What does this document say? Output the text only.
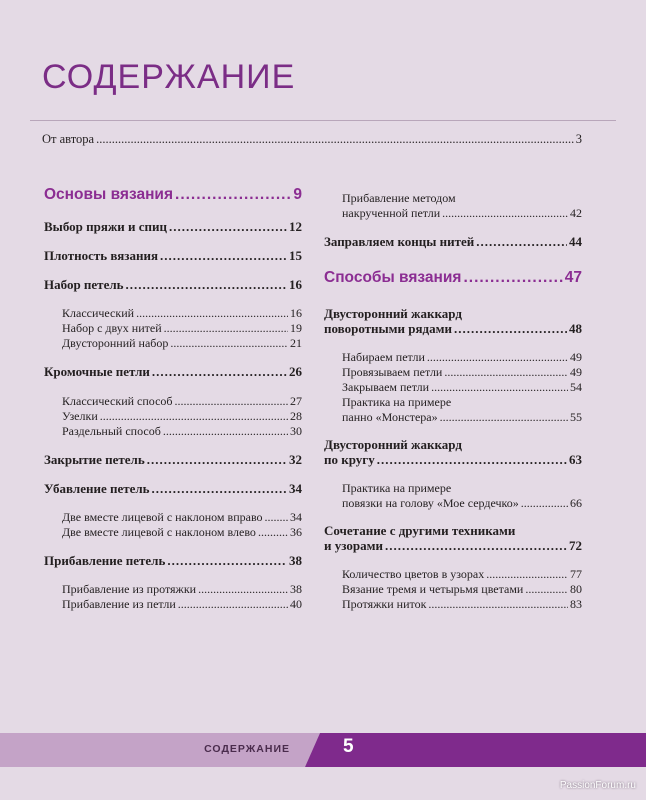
СОДЕРЖАНИЕ
От автора .....	3
Основы вязания .....	9
Выбор пряжи и спиц .....	12
Плотность вязания .....	15
Набор петель .....	16
Классический .....	16
Набор с двух нитей .....	19
Двусторонний набор .....	21
Кромочные петли .....	26
Классический способ .....	27
Узелки .....	28
Раздельный способ .....	30
Закрытие петель .....	32
Убавление петель .....	34
Две вместе лицевой с наклоном вправо ..... 34
Две вместе лицевой с наклоном влево .....	36
Прибавление петель .....	38
Прибавление из протяжки .....	38
Прибавление из петли .....	40
Прибавление методом
накрученной петли .....	42
Заправляем концы нитей .....	44
Способы вязания .....	47
Двусторонний жаккард
поворотными рядами .....	48
Набираем петли .....	49
Провязываем петли .....	49
Закрываем петли .....	54
Практика на примере
панно «Монстера» .....	55
Двусторонний жаккард
по кругу .....	63
Практика на примере
повязки на голову «Мое сердечко» .....	66
Сочетание с другими техниками
и узорами .....	72
Количество цветов в узорах .....	77
Вязание тремя и четырьмя цветами .....	80
Протяжки ниток .....	83
СОДЕРЖАНИЕ	5
PassionForum.ru
